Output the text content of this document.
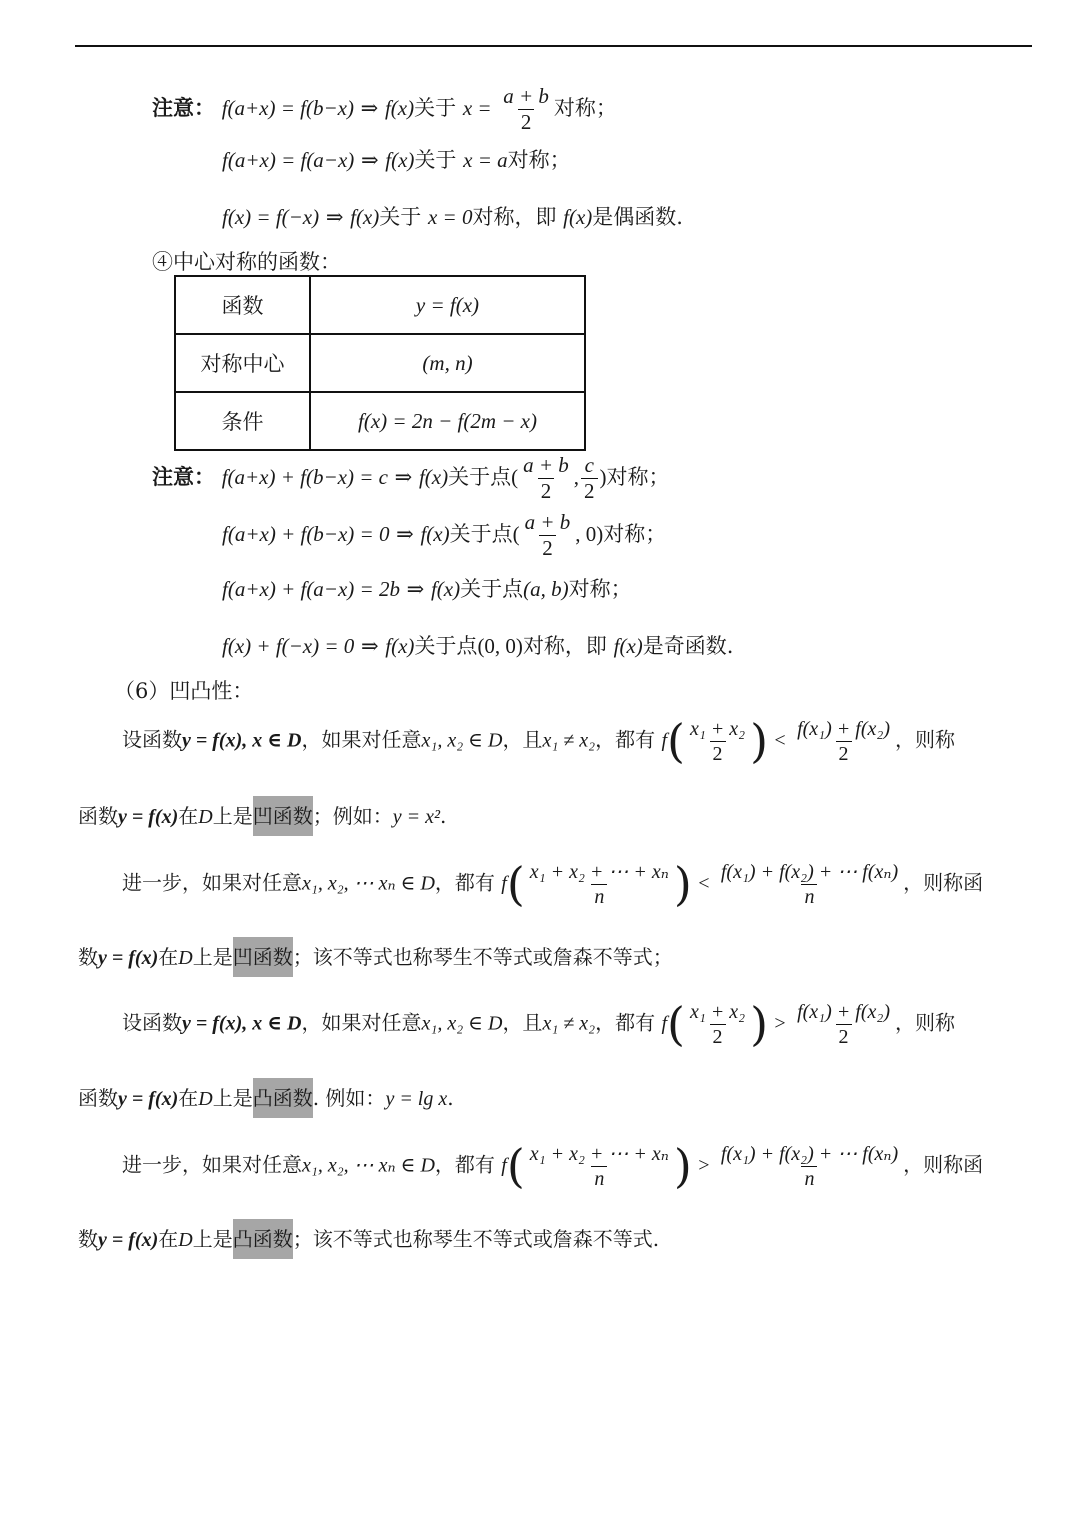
注意： f(a+x) = f(b−x) ⇒ f(x)关于 $x = \frac{a + b}{2}$ 对称；
f(a+x) = f(a−x) ⇒ f(x)关于 x = a对称；
f(x) = f(−x) ⇒ f(x)关于 x = 0对称，即 f(x)是偶函数.
④中心对称的函数：
函数	y = f(x)
对称中心	(m, n)
条件	f(x) = 2n − f(2m − x)
注意： f(a+x) + f(b−x) = c ⇒ f(x)关于点( $\frac{a + b}{2}$ , $\frac{c}{2}$ )对称；
f(a+x) + f(b−x) = 0 ⇒ f(x)关于点( $\frac{a + b}{2}$ , 0)对称；
f(a+x) + f(a−x) = 2b ⇒ f(x)关于点(a, b)对称；
f(x) + f(−x) = 0 ⇒ f(x)关于点(0, 0)对称，即 f(x)是奇函数.
（6）凹凸性：
设函数y = f(x), x ∈ D，如果对任意x₁, x₂ ∈ D，且x₁ ≠ x₂，都有 $f( \frac{\text{x₁ + x₂}}{2}$ ) < $\frac{\text{f(x₁) + f(x₂)}}{2}$ ，则称
函数y = f(x)在D上是凹函数；例如：y = x².
进一步，如果对任意x₁, x₂, ⋯ xₙ ∈ D，都有 $f( \frac{\text{x₁ + x₂ + ⋯ + xₙ}}{n}$ ) < $\frac{\text{f(x₁) + f(x₂) + ⋯ f(xₙ)}}{n}$ ，则称函
数y = f(x)在D上是凹函数；该不等式也称琴生不等式或詹森不等式；
设函数y = f(x), x ∈ D，如果对任意x₁, x₂ ∈ D，且x₁ ≠ x₂，都有 $f( \frac{\text{x₁ + x₂}}{2}$ ) > $\frac{\text{f(x₁) + f(x₂)}}{2}$ ，则称
函数y = f(x)在D上是凸函数. 例如：y = lg x.
进一步，如果对任意x₁, x₂, ⋯ xₙ ∈ D，都有 $f( \frac{\text{x₁ + x₂ + ⋯ + xₙ}}{n}$ ) > $\frac{\text{f(x₁) + f(x₂) + ⋯ f(xₙ)}}{n}$ ，则称函
数y = f(x)在D上是凸函数；该不等式也称琴生不等式或詹森不等式.
